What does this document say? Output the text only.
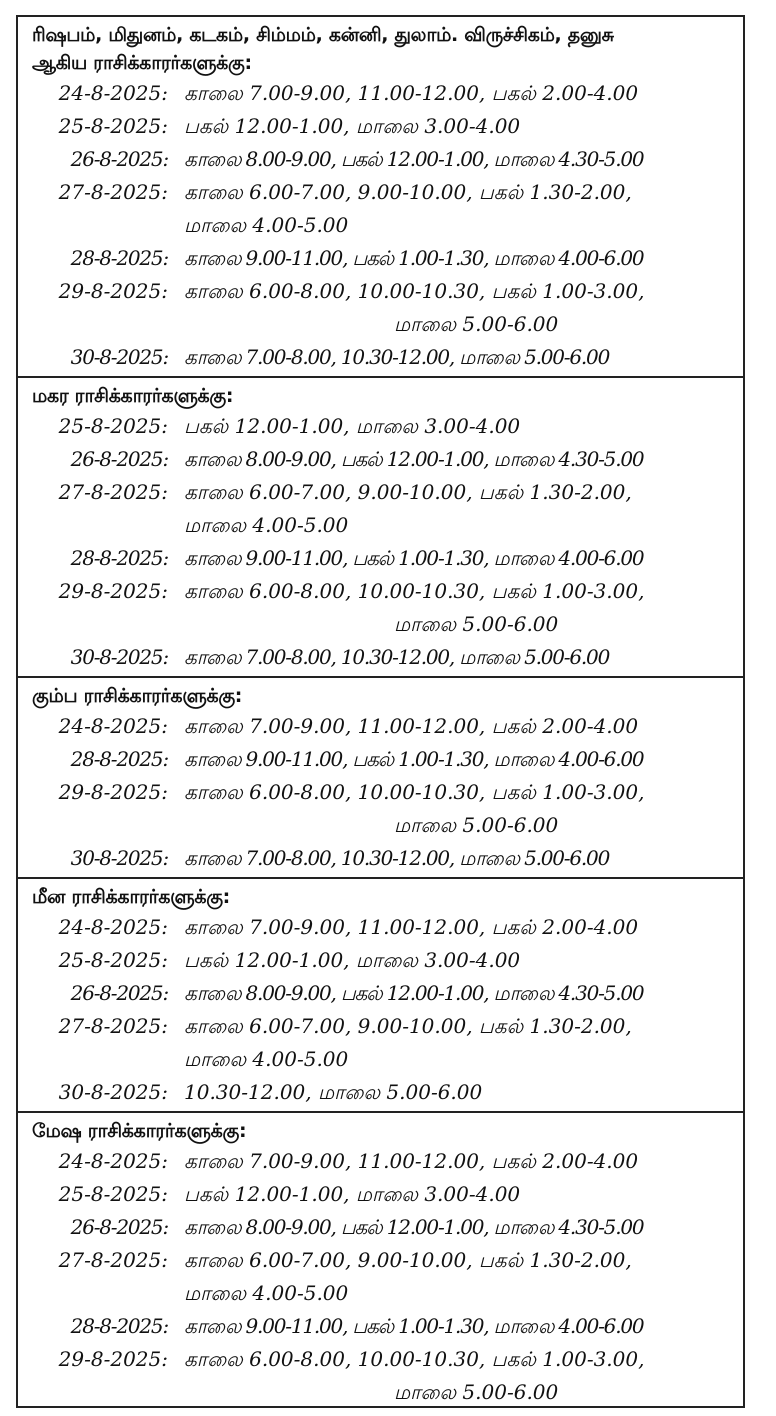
ரிஷபம், மிதுனம், கடகம், சிம்மம், கன்னி, துலாம். விருச்சிகம், தனுசு
ஆகிய ராசிக்காரர்களுக்கு:
24-8-2025: காலை 7.00-9.00, 11.00-12.00, பகல் 2.00-4.00
25-8-2025: பகல் 12.00-1.00, மாலை 3.00-4.00
26-8-2025: காலை 8.00-9.00, பகல் 12.00-1.00, மாலை 4.30-5.00
27-8-2025: காலை 6.00-7.00, 9.00-10.00, பகல் 1.30-2.00,
மாலை 4.00-5.00
28-8-2025: காலை 9.00-11.00, பகல் 1.00-1.30, மாலை 4.00-6.00
29-8-2025: காலை 6.00-8.00, 10.00-10.30, பகல் 1.00-3.00,
மாலை 5.00-6.00
30-8-2025: காலை 7.00-8.00, 10.30-12.00, மாலை 5.00-6.00
மகர ராசிக்காரர்களுக்கு:
25-8-2025: பகல் 12.00-1.00, மாலை 3.00-4.00
26-8-2025: காலை 8.00-9.00, பகல் 12.00-1.00, மாலை 4.30-5.00
27-8-2025: காலை 6.00-7.00, 9.00-10.00, பகல் 1.30-2.00,
மாலை 4.00-5.00
28-8-2025: காலை 9.00-11.00, பகல் 1.00-1.30, மாலை 4.00-6.00
29-8-2025: காலை 6.00-8.00, 10.00-10.30, பகல் 1.00-3.00,
மாலை 5.00-6.00
30-8-2025: காலை 7.00-8.00, 10.30-12.00, மாலை 5.00-6.00
கும்ப ராசிக்காரர்களுக்கு:
24-8-2025: காலை 7.00-9.00, 11.00-12.00, பகல் 2.00-4.00
28-8-2025: காலை 9.00-11.00, பகல் 1.00-1.30, மாலை 4.00-6.00
29-8-2025: காலை 6.00-8.00, 10.00-10.30, பகல் 1.00-3.00,
மாலை 5.00-6.00
30-8-2025: காலை 7.00-8.00, 10.30-12.00, மாலை 5.00-6.00
மீன ராசிக்காரர்களுக்கு:
24-8-2025: காலை 7.00-9.00, 11.00-12.00, பகல் 2.00-4.00
25-8-2025: பகல் 12.00-1.00, மாலை 3.00-4.00
26-8-2025: காலை 8.00-9.00, பகல் 12.00-1.00, மாலை 4.30-5.00
27-8-2025: காலை 6.00-7.00, 9.00-10.00, பகல் 1.30-2.00,
மாலை 4.00-5.00
30-8-2025: 10.30-12.00, மாலை 5.00-6.00
மேஷ ராசிக்காரர்களுக்கு:
24-8-2025: காலை 7.00-9.00, 11.00-12.00, பகல் 2.00-4.00
25-8-2025: பகல் 12.00-1.00, மாலை 3.00-4.00
26-8-2025: காலை 8.00-9.00, பகல் 12.00-1.00, மாலை 4.30-5.00
27-8-2025: காலை 6.00-7.00, 9.00-10.00, பகல் 1.30-2.00,
மாலை 4.00-5.00
28-8-2025: காலை 9.00-11.00, பகல் 1.00-1.30, மாலை 4.00-6.00
29-8-2025: காலை 6.00-8.00, 10.00-10.30, பகல் 1.00-3.00,
மாலை 5.00-6.00
